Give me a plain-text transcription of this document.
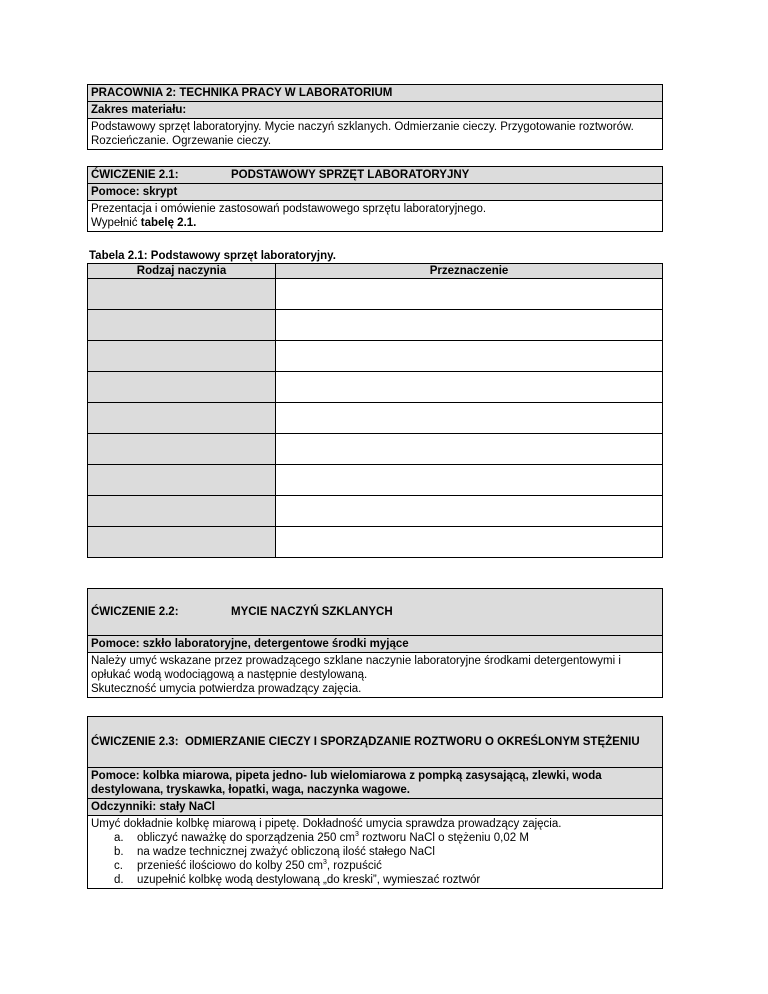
PRACOWNIA 2: TECHNIKA PRACY W LABORATORIUM
Zakres materiału:
Podstawowy sprzęt laboratoryjny. Mycie naczyń szklanych. Odmierzanie cieczy. Przygotowanie roztworów. Rozcieńczanie. Ogrzewanie cieczy.
ĆWICZENIE 2.1:	PODSTAWOWY SPRZĘT LABORATORYJNY
Pomoce: skrypt
Prezentacja i omówienie zastosowań podstawowego sprzętu laboratoryjnego.
Wypełnić tabelę 2.1.
Tabela 2.1: Podstawowy sprzęt laboratoryjny.
Rodzaj naczynia	Przeznaczenie

ĆWICZENIE 2.2:	MYCIE NACZYŃ SZKLANYCH
Pomoce: szkło laboratoryjne, detergentowe środki myjące
Należy umyć wskazane przez prowadzącego szklane naczynie laboratoryjne środkami detergentowymi i opłukać wodą wodociągową a następnie destylowaną.
Skuteczność umycia potwierdza prowadzący zajęcia.
ĆWICZENIE 2.3:
ODMIERZANIE CIECZY I SPORZĄDZANIE ROZTWORU O OKREŚLONYM STĘŻENIU
Pomoce: kolbka miarowa, pipeta jedno- lub wielomiarowa z pompką zasysającą, zlewki, woda destylowana, tryskawka, łopatki, waga, naczynka wagowe.
Odczynniki: stały NaCl
Umyć dokładnie kolbkę miarową i pipetę. Dokładność umycia sprawdza prowadzący zajęcia.
a. obliczyć naważkę do sporządzenia 250 $cm^3$ roztworu NaCl o stężeniu 0,02 M
b. na wadze technicznej zważyć obliczoną ilość stałego NaCl
c. przenieść ilościowo do kolby 250 $cm^3$, rozpuścić
d. uzupełnić kolbkę wodą destylowaną „do kreski”, wymieszać roztwór
